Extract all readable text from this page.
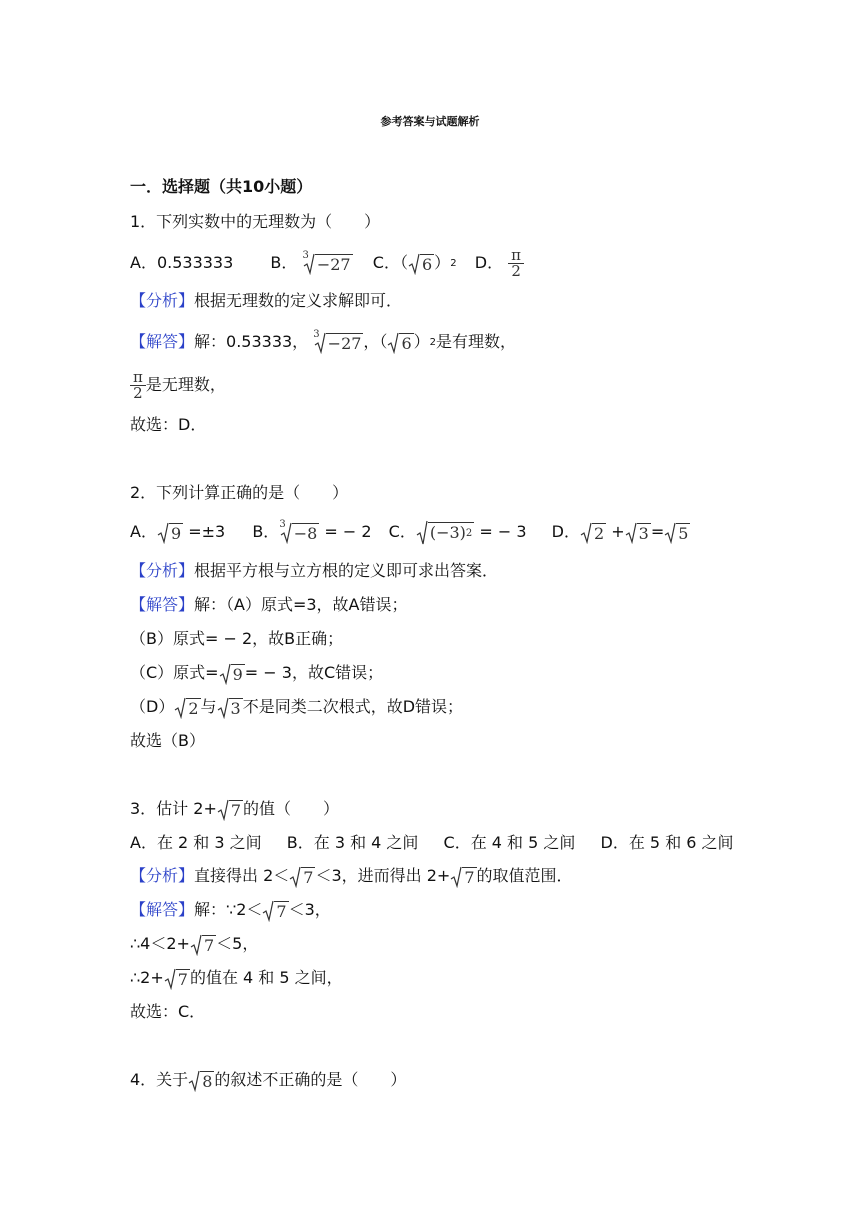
参考答案与试题解析
一．选择题（共10小题）
1．下列实数中的无理数为（　　）
A．0.533333 B． 3 −27 C．（ 6 ）2 D． $\frac{\pi}{2}$
【分析】根据无理数的定义求解即可．
【解答】解：0.53333， 3 −27 ，（ 6 ）2是有理数，
$\frac{\pi}{2}$ 是无理数，
故选：D．
2．下列计算正确的是（　　）
A． 9 =±3 B． 3 −8 = − 2 C． (−3)2 = − 3 D． 2 + 3 = 5
【分析】根据平方根与立方根的定义即可求出答案．
【解答】解：（A）原式=3，故A错误；
（B）原式= − 2，故B正确；
（C）原式= 9 = − 3，故C错误；
（D） 2 与 3 不是同类二次根式，故D错误；
故选（B）
3．估计 2+ 7 的值（　　）
A．在 2 和 3 之间 B．在 3 和 4 之间 C．在 4 和 5 之间 D．在 5 和 6 之间
【分析】直接得出 2＜ 7 ＜3，进而得出 2+ 7 的取值范围．
【解答】解：∵2＜ 7 ＜3，
∴4＜2+ 7 ＜5，
∴2+ 7 的值在 4 和 5 之间，
故选：C．
4．关于 8 的叙述不正确的是（　　）
